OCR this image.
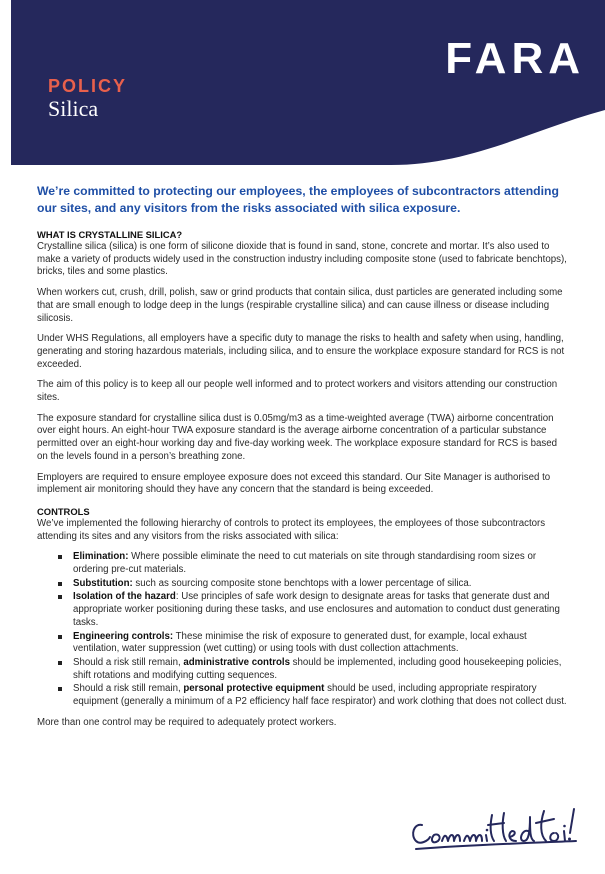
POLICY
Silica
FARA
We’re committed to protecting our employees, the employees of subcontractors attending our sites, and any visitors from the risks associated with silica exposure.
WHAT IS CRYSTALLINE SILICA?

Crystalline silica (silica) is one form of silicone dioxide that is found in sand, stone, concrete and mortar. It’s also used to make a variety of products widely used in the construction industry including composite stone (used to fabricate benchtops), bricks, tiles and some plastics.

When workers cut, crush, drill, polish, saw or grind products that contain silica, dust particles are generated including some that are small enough to lodge deep in the lungs (respirable crystalline silica) and can cause illness or disease including silicosis.

Under WHS Regulations, all employers have a specific duty to manage the risks to health and safety when using, handling, generating and storing hazardous materials, including silica, and to ensure the workplace exposure standard for RCS is not exceeded.

The aim of this policy is to keep all our people well informed and to protect workers and visitors attending our construction sites.

The exposure standard for crystalline silica dust is 0.05mg/m3 as a time-weighted average (TWA) airborne concentration over eight hours. An eight-hour TWA exposure standard is the average airborne concentration of a particular substance permitted over an eight-hour working day and five-day working week. The workplace exposure standard for RCS is based on the levels found in a person’s breathing zone.

Employers are required to ensure employee exposure does not exceed this standard. Our Site Manager is authorised to implement air monitoring should they have any concern that the standard is being exceeded.

CONTROLS

We’ve implemented the following hierarchy of controls to protect its employees, the employees of those subcontractors attending its sites and any visitors from the risks associated with silica:

Elimination: Where possible eliminate the need to cut materials on site through standardising room sizes or ordering pre-cut materials.
Substitution: such as sourcing composite stone benchtops with a lower percentage of silica.
Isolation of the hazard: Use principles of safe work design to designate areas for tasks that generate dust and appropriate worker positioning during these tasks, and use enclosures and automation to conduct dust generating tasks.
Engineering controls: These minimise the risk of exposure to generated dust, for example, local exhaust ventilation, water suppression (wet cutting) or using tools with dust collection attachments.
Should a risk still remain, administrative controls should be implemented, including good housekeeping policies, shift rotations and modifying cutting sequences.
Should a risk still remain, personal protective equipment should be used, including appropriate respiratory equipment (generally a minimum of a P2 efficiency half face respirator) and work clothing that does not collect dust.

More than one control may be required to adequately protect workers.
